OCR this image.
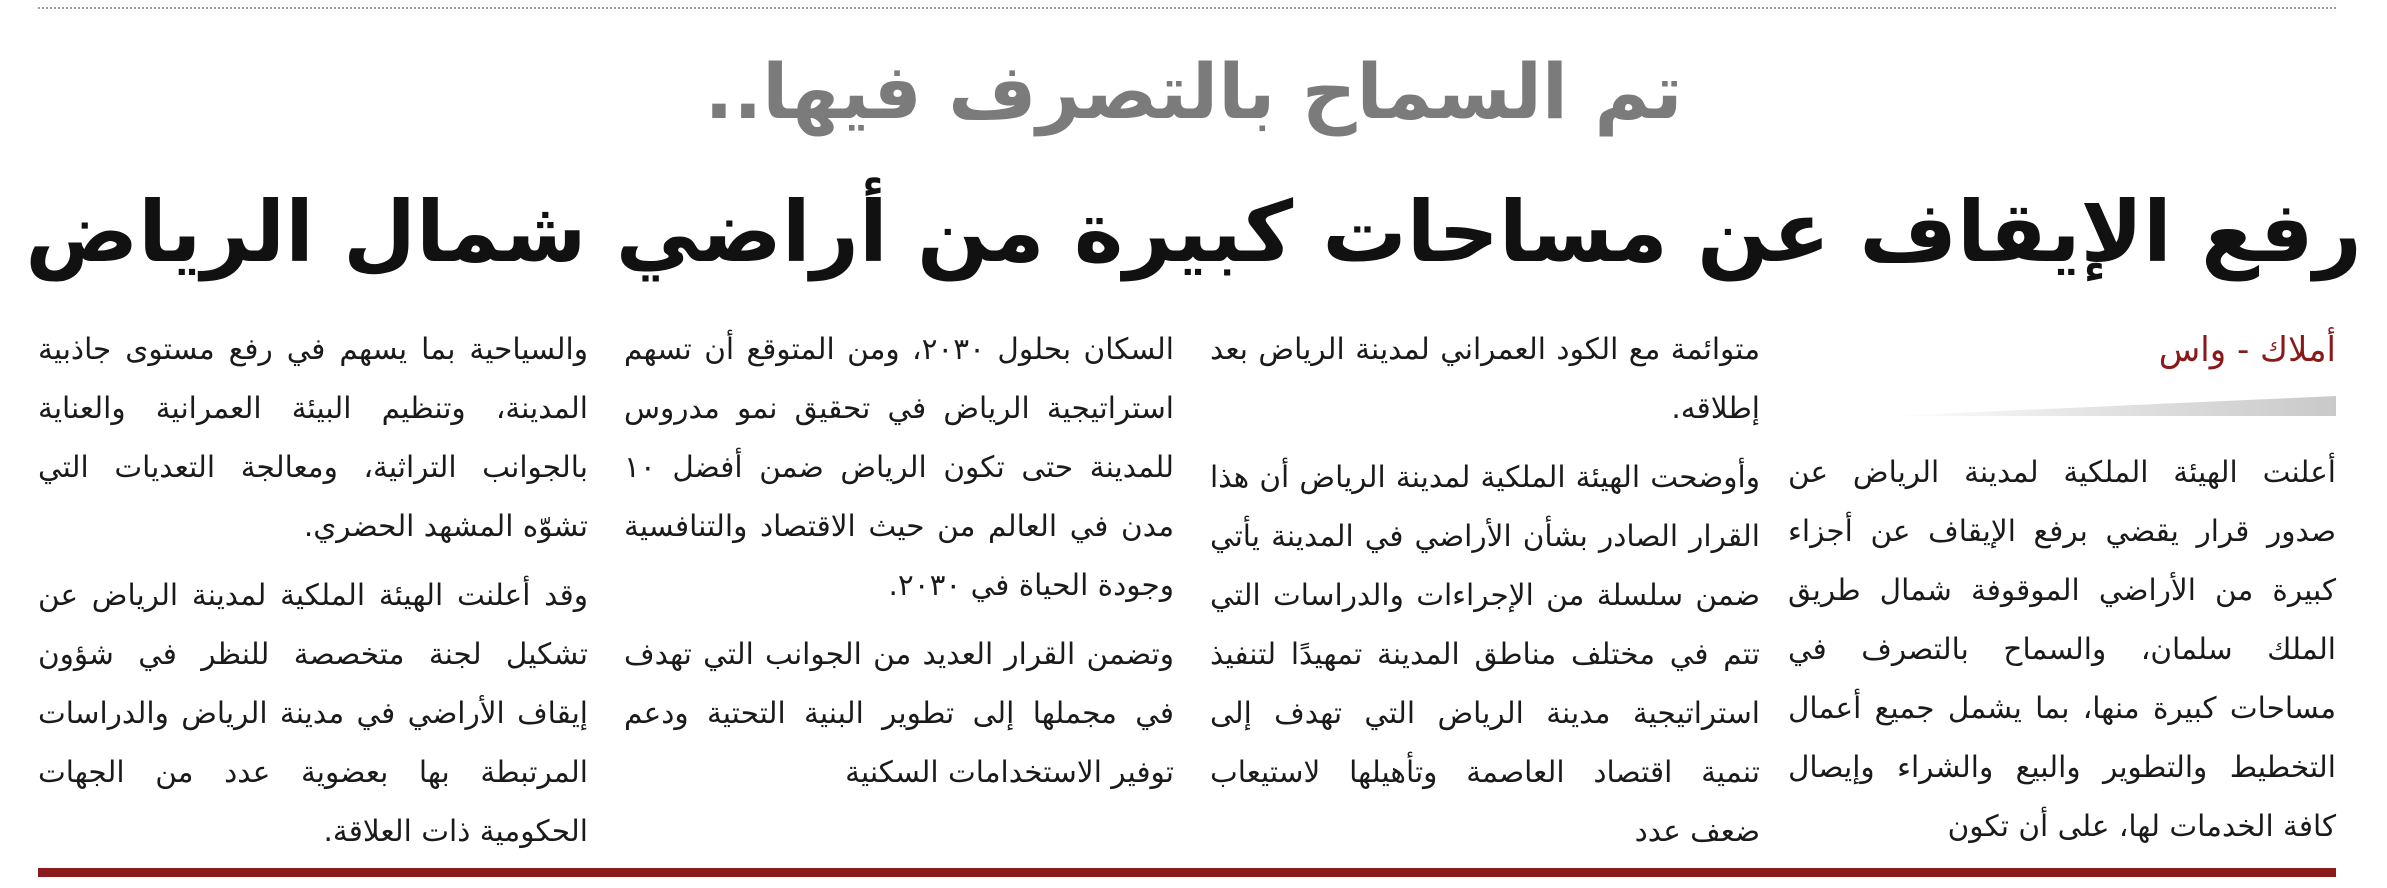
تم السماح بالتصرف فيها..
رفع الإيقاف عن مساحات كبيرة من أراضي شمال الرياض
أملاك - واس

أعلنت الهيئة الملكية لمدينة الرياض عن صدور قرار يقضي برفع الإيقاف عن أجزاء كبيرة من الأراضي الموقوفة شمال طريق الملك سلمان، والسماح بالتصرف في مساحات كبيرة منها، بما يشمل جميع أعمال التخطيط والتطوير والبيع والشراء وإيصال كافة الخدمات لها، على أن تكون

متوائمة مع الكود العمراني لمدينة الرياض بعد إطلاقه.

وأوضحت الهيئة الملكية لمدينة الرياض أن هذا القرار الصادر بشأن الأراضي في المدينة يأتي ضمن سلسلة من الإجراءات والدراسات التي تتم في مختلف مناطق المدينة تمهيدًا لتنفيذ استراتيجية مدينة الرياض التي تهدف إلى تنمية اقتصاد العاصمة وتأهيلها لاستيعاب ضعف عدد

السكان بحلول ٢٠٣٠، ومن المتوقع أن تسهم استراتيجية الرياض في تحقيق نمو مدروس للمدينة حتى تكون الرياض ضمن أفضل ١٠ مدن في العالم من حيث الاقتصاد والتنافسية وجودة الحياة في ٢٠٣٠.

وتضمن القرار العديد من الجوانب التي تهدف في مجملها إلى تطوير البنية التحتية ودعم توفير الاستخدامات السكنية

والسياحية بما يسهم في رفع مستوى جاذبية المدينة، وتنظيم البيئة العمرانية والعناية بالجوانب التراثية، ومعالجة التعديات التي تشوّه المشهد الحضري.

وقد أعلنت الهيئة الملكية لمدينة الرياض عن تشكيل لجنة متخصصة للنظر في شؤون إيقاف الأراضي في مدينة الرياض والدراسات المرتبطة بها بعضوية عدد من الجهات الحكومية ذات العلاقة.
